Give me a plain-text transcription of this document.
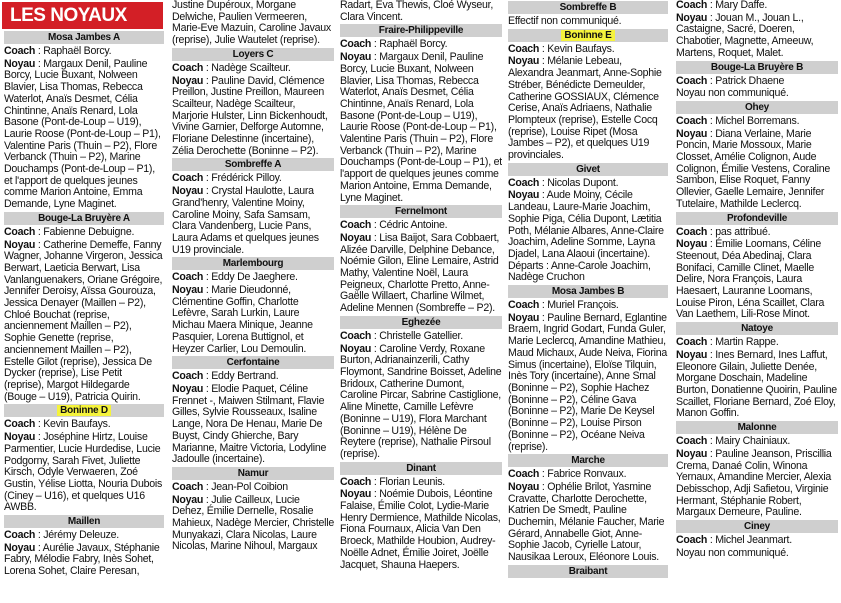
LES NOYAUX
Mosa Jambes A
Coach : Raphaël Borcy.
Noyau : Margaux Denil, Pauline Borcy, Lucie Buxant, Nolween Blavier, Lisa Thomas, Rebecca Waterlot, Anaïs Desmet, Célia Chintinne, Anaïs Renard, Lola Basone (Pont-de-Loup – U19), Laurie Roose (Pont-de-Loup – P1), Valentine Paris (Thuin – P2), Flore Verbanck (Thuin – P2), Marine Douchamps (Pont-de-Loup – P1), et l'apport de quelques jeunes comme Marion Antoine, Emma Demande, Lyne Maginet.
Bouge-La Bruyère A
Coach : Fabienne Debuigne.
Noyau : Catherine Demeffe, Fanny Wagner, Johanne Virgeron, Jessica Berwart, Laeticia Berwart, Lisa Vanlanguenakers, Oriane Grégoire, Jennifer Deroisy, Aïssa Gourouza, Jessica Denayer (Maillen – P2), Chloé Bouchat (reprise, anciennement Maillen – P2), Sophie Genette (reprise, anciennement Maillen – P2), Estelle Gilot (reprise), Jessica De Dycker (reprise), Lise Petit (reprise), Margot Hildegarde (Bouge – U19), Patricia Quirin.
Boninne D
Coach : Kevin Baufays.
Noyau : Joséphine Hirtz, Louise Parmentier, Lucie Hurdedise, Lucie Podgorny, Sarah Fivet, Juliette Kirsch, Odyle Verwaeren, Zoé Gustin, Yélise Liotta, Nouria Dubois (Ciney – U16), et quelques U16 AWBB.
Maillen
Coach : Jérémy Deleuze.
Noyau : Aurélie Javaux, Stéphanie Fabry, Mélodie Fabry, Inès Sohet, Lorena Sohet, Claire Peresan,
Justine Dupéroux, Morgane Delwiche, Paulien Vermeeren, Marie-Eve Mazuin, Caroline Javaux (reprise), Julie Wautelet (reprise).
Loyers C
Coach : Nadège Scailteur.
Noyau : Pauline David, Clémence Preillon, Justine Preillon, Maureen Scailteur, Nadège Scailteur, Marjorie Hulster, Linn Bickenhoudt, Vivine Garnier, Delforge Automne, Floriane Delestinne (incertaine), Zélia Derochette (Boninne – P2).
Sombreffe A
Coach : Frédérick Pilloy.
Noyau : Crystal Haulotte, Laura Grand'henry, Valentine Moiny, Caroline Moiny, Safa Samsam, Clara Vandenberg, Lucie Pans, Laura Adams et quelques jeunes U19 provinciale.
Marlembourg
Coach : Eddy De Jaeghere.
Noyau : Marie Dieudonné, Clémentine Goffin, Charlotte Lefèvre, Sarah Lurkin, Laure Michau Maera Minique, Jeanne Pasquier, Lorena Buttignol, et Heyzer Carlier, Lou Demoulin.
Cerfontaine
Coach : Eddy Bertrand.
Noyau : Elodie Paquet, Céline Frennet -, Maiwen Stilmant, Flavie Gilles, Sylvie Rousseaux, Isaline Lange, Nora De Henau, Marie De Buyst, Cindy Ghierche, Bary Marianne, Maitre Victoria, Lodyline Jadoulle (incertaine).
Namur
Coach : Jean-Pol Coibion
Noyau : Julie Cailleux, Lucie Dehez, Émilie Dernelle, Rosalie Mahieux, Nadège Mercier, Christelle Munyakazi, Clara Nicolas, Laure Nicolas, Marine Nihoul, Margaux
Radart, Eva Thewis, Cloé Wyseur, Clara Vincent.
Fraire-Philippeville
Coach : Raphaël Borcy.
Noyau : Margaux Denil, Pauline Borcy, Lucie Buxant, Nolween Blavier, Lisa Thomas, Rebecca Waterlot, Anaïs Desmet, Célia Chintinne, Anaïs Renard, Lola Basone (Pont-de-Loup – U19), Laurie Roose (Pont-de-Loup – P1), Valentine Paris (Thuin – P2), Flore Verbanck (Thuin – P2), Marine Douchamps (Pont-de-Loup – P1), et l'apport de quelques jeunes comme Marion Antoine, Emma Demande, Lyne Maginet.
Fernelmont
Coach : Cédric Antoine.
Noyau : Lisa Baijot, Sara Cobbaert, Alizée Darville, Delphine Debance, Noémie Gilon, Eline Lemaire, Astrid Mathy, Valentine Noël, Laura Peigneux, Charlotte Pretto, Anne-Gaëlle Willaert, Charline Wilmet, Adeline Mennen (Sombreffe – P2).
Eghezée
Coach : Christelle Gatellier.
Noyau : Caroline Verdy, Roxane Burton, Adrianainzerili, Cathy Floymont, Sandrine Boisset, Adeline Bridoux, Catherine Dumont, Caroline Pircar, Sabrine Castiglione, Aline Minette, Camille Lefèvre (Boninne – U19), Flora Marchant (Boninne – U19), Hélène De Reytere (reprise), Nathalie Pirsoul (reprise).
Dinant
Coach : Florian Leunis.
Noyau : Noémie Dubois, Léontine Falaise, Émilie Colot, Lydie-Marie Henry Dermience, Mathilde Nicolas, Fiona Fournaux, Alicia Van Den Broeck, Mathilde Houbion, Audrey-Noëlle Adnet, Émilie Joiret, Joëlle Jacquet, Shauna Haepers.
Sombreffe B
Effectif non communiqué.
Boninne E
Coach : Kevin Baufays.
Noyau : Mélanie Lebeau, Alexandra Jeanmart, Anne-Sophie Stréber, Bénédicte Demeulder, Catherine GOSSIAUX, Clémence Cerise, Anaïs Adriaens, Nathalie Plompteux (reprise), Estelle Cocq (reprise), Louise Ripet (Mosa Jambes – P2), et quelques U19 provinciales.
Givet
Coach : Nicolas Dupont.
Noyau : Aude Moiny, Cécile Landeau, Laure-Marie Joachim, Sophie Piga, Célia Dupont, Lætitia Poth, Mélanie Albares, Anne-Claire Joachim, Adeline Somme, Layna Djadel, Lana Alaoui (incertaine). Départs : Anne-Carole Joachim, Nadège Cruchon
Mosa Jambes B
Coach : Muriel François.
Noyau : Pauline Bernard, Eglantine Braem, Ingrid Godart, Funda Guler, Marie Leclercq, Amandine Mathieu, Maud Michaux, Aude Neiva, Fiorina Simus (incertaine), Eloïse Tilquin, Inès Tory (incertaine), Anne Smal (Boninne – P2), Sophie Hachez (Boninne – P2), Céline Gava (Boninne – P2), Marie De Keysel (Boninne – P2), Louise Pirson (Boninne – P2), Océane Neiva (reprise).
Marche
Coach : Fabrice Ronvaux.
Noyau : Ophélie Brilot, Yasmine Cravatte, Charlotte Derochette, Katrien De Smedt, Pauline Duchemin, Mélanie Faucher, Marie Gérard, Annabelle Giot, Anne-Sophie Jacob, Cyrielle Latour, Nausikaa Leroux, Eléonore Louis.
Braibant
Coach : Mary Daffe.
Noyau : Jouan M., Jouan L., Castaigne, Sacré, Doeren, Chabotier, Magnette, Ameeuw, Martens, Roquet, Malet.
Bouge-La Bruyère B
Coach : Patrick Dhaene
Noyau non communiqué.
Ohey
Coach : Michel Borremans.
Noyau : Diana Verlaine, Marie Poncin, Marie Mossoux, Marie Closset, Amélie Colignon, Aude Colignon, Émilie Vestens, Coraline Sambon, Elise Roquet, Fanny Ollevier, Gaelle Lemaire, Jennifer Tutelaire, Mathilde Leclercq.
Profondeville
Coach : pas attribué.
Noyau : Émilie Loomans, Céline Steenout, Déa Abedinaj, Clara Bonifaci, Camille Clinet, Maelle Delire, Nora François, Laura Haesaert, Lauranne Loomans, Louise Piron, Léna Scaillet, Clara Van Laethem, Lili-Rose Minot.
Natoye
Coach : Martin Rappe.
Noyau : Ines Bernard, Ines Laffut, Eleonore Gilain, Juliette Denée, Morgane Doschain, Madeline Burton, Donatienne Quoirin, Pauline Scaillet, Floriane Bernard, Zoé Eloy, Manon Goffin.
Malonne
Coach : Mairy Chainiaux.
Noyau : Pauline Jeanson, Priscillia Crema, Danaé Colin, Winona Yernaux, Amandine Mercier, Alexia Debisschop, Adji Safietou, Virginie Hermant, Stéphanie Robert, Margaux Demeure, Pauline.
Ciney
Coach : Michel Jeanmart.
Noyau non communiqué.
